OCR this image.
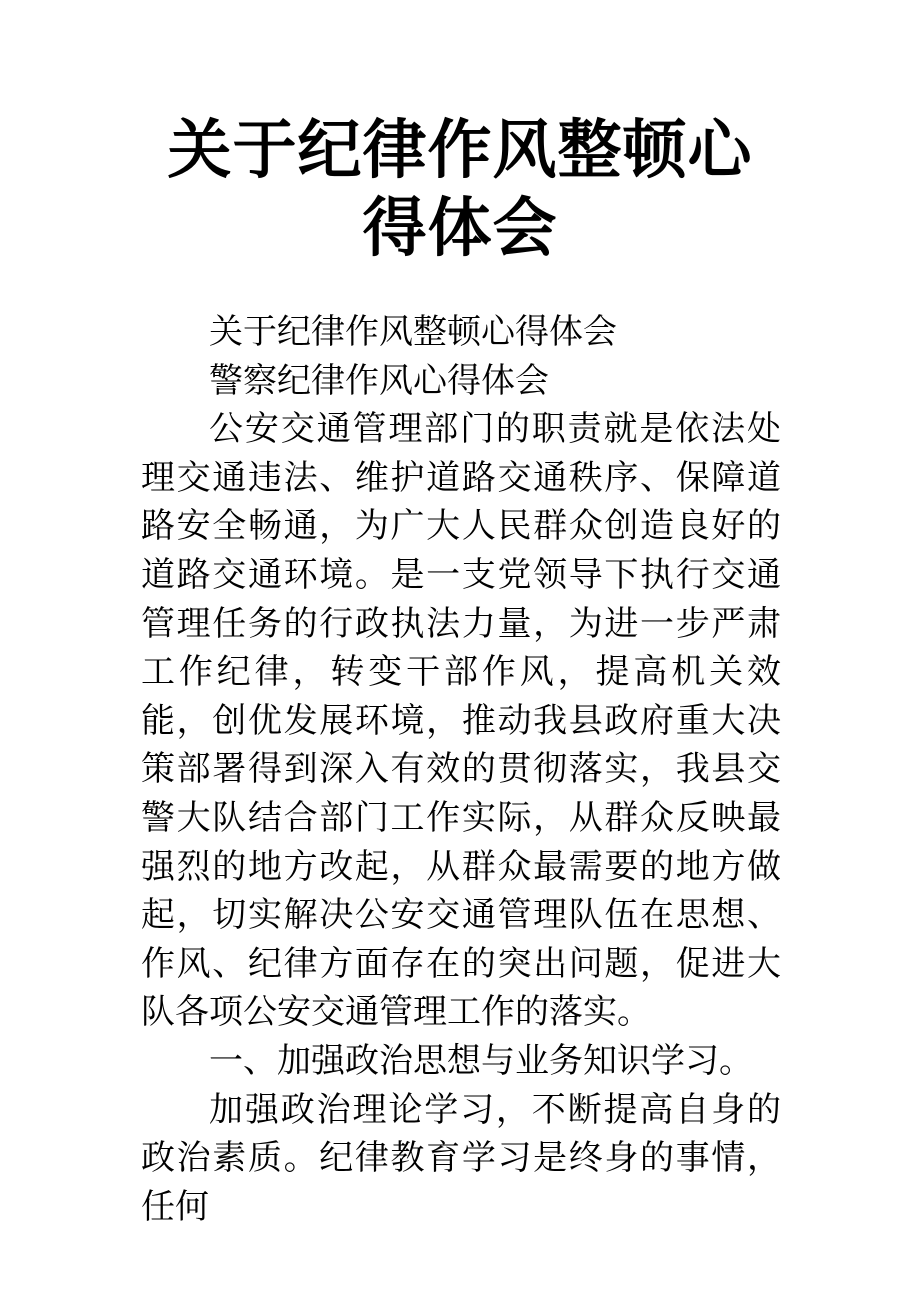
关于纪律作风整顿心得体会

关于纪律作风整顿心得体会

警察纪律作风心得体会

公安交通管理部门的职责就是依法处理交通违法、维护道路交通秩序、保障道路安全畅通，为广大人民群众创造良好的道路交通环境。是一支党领导下执行交通管理任务的行政执法力量，为进一步严肃工作纪律，转变干部作风，提高机关效能，创优发展环境，推动我县政府重大决策部署得到深入有效的贯彻落实，我县交警大队结合部门工作实际，从群众反映最强烈的地方改起，从群众最需要的地方做起，切实解决公安交通管理队伍在思想、作风、纪律方面存在的突出问题，促进大队各项公安交通管理工作的落实。

一、加强政治思想与业务知识学习。

加强政治理论学习，不断提高自身的政治素质。纪律教育学习是终身的事情，任何
